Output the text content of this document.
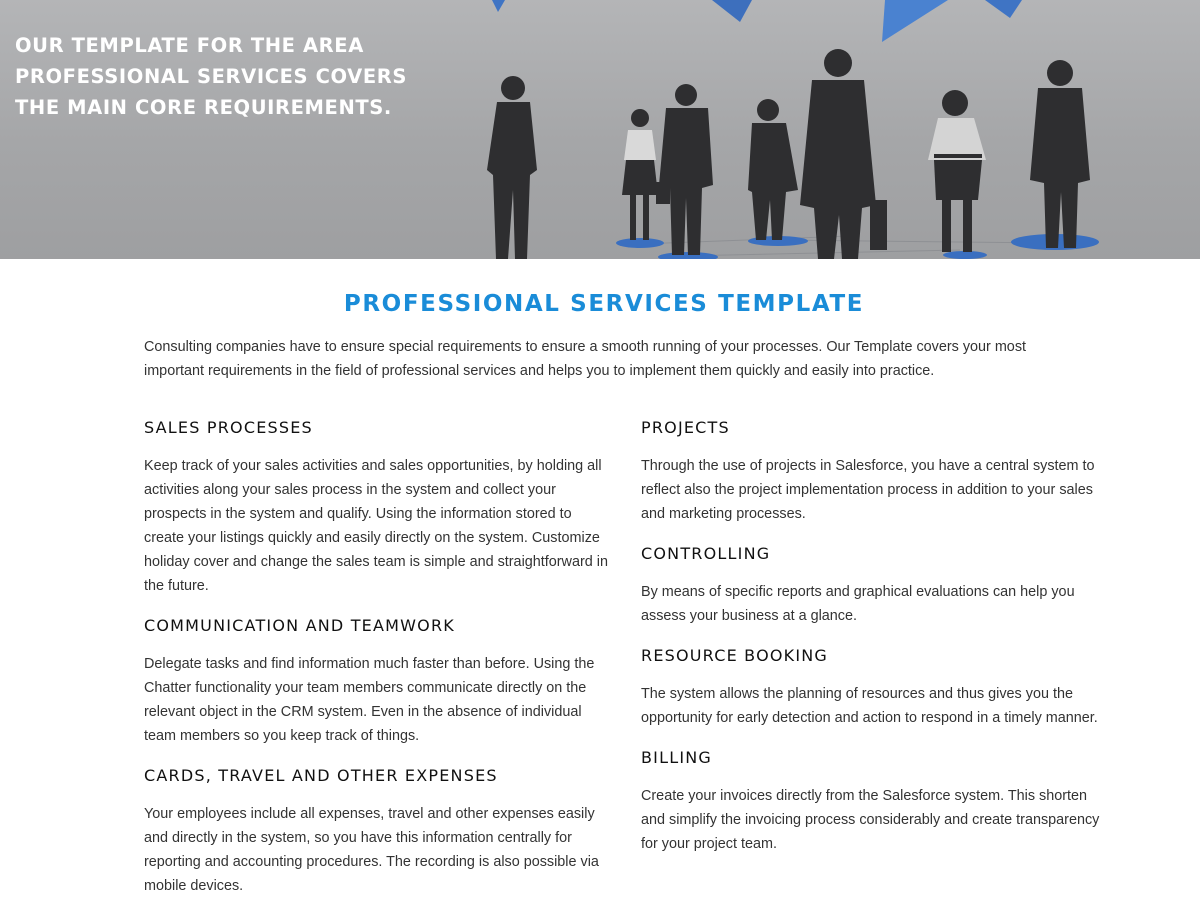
OUR TEMPLATE FOR THE AREA PROFESSIONAL SERVICES COVERS THE MAIN CORE REQUIREMENTS.
PROFESSIONAL SERVICES TEMPLATE

Consulting companies have to ensure special requirements to ensure a smooth running of your processes. Our Template covers your most important requirements in the field of professional services and helps you to implement them quickly and easily into practice.

SALES PROCESSES

Keep track of your sales activities and sales opportunities, by holding all activities along your sales process in the system and collect your prospects in the system and qualify. Using the information stored to create your listings quickly and easily directly on the system. Customize holiday cover and change the sales team is simple and straightforward in the future.

COMMUNICATION AND TEAMWORK

Delegate tasks and find information much faster than before. Using the Chatter functionality your team members communicate directly on the relevant object in the CRM system. Even in the absence of individual team members so you keep track of things.

CARDS, TRAVEL AND OTHER EXPENSES

Your employees include all expenses, travel and other expenses easily and directly in the system, so you have this information centrally for reporting and accounting procedures. The recording is also possible via mobile devices.

PROJECTS

Through the use of projects in Salesforce, you have a central system to reflect also the project implementation process in addition to your sales and marketing processes.

CONTROLLING

By means of specific reports and graphical evaluations can help you assess your business at a glance.

RESOURCE BOOKING

The system allows the planning of resources and thus gives you the opportunity for early detection and action to respond in a timely manner.

BILLING

Create your invoices directly from the Salesforce system. This shorten and simplify the invoicing process considerably and create transparency for your project team.
